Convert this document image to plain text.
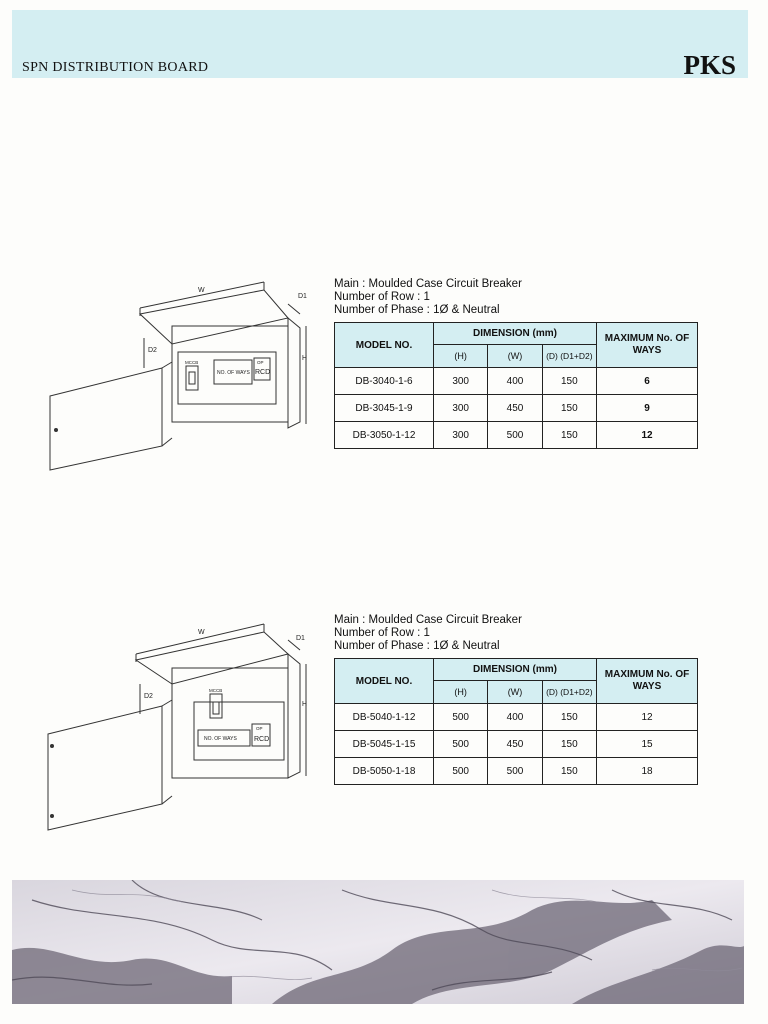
SPN DISTRIBUTION BOARD	PKS
W
D1
D2
H
MCCB
NO. OF WAYS
OP
RCD
Main : Moulded Case Circuit Breaker
Number of Row : 1
Number of Phase : 1Ø & Neutral
MODEL NO.	DIMENSION (mm)			MAXIMUM No. OF WAYS
	(H)	(W)	(D) (D1+D2)	
DB-3040-1-6	300	400	150	6
DB-3045-1-9	300	450	150	9
DB-3050-1-12	300	500	150	12
W
D1
D2
H
MCCB
NO. OF WAYS
OP
RCD
Main : Moulded Case Circuit Breaker
Number of Row : 1
Number of Phase : 1Ø & Neutral
MODEL NO.	DIMENSION (mm)			MAXIMUM No. OF WAYS
	(H)	(W)	(D) (D1+D2)	
DB-5040-1-12	500	400	150	12
DB-5045-1-15	500	450	150	15
DB-5050-1-18	500	500	150	18
